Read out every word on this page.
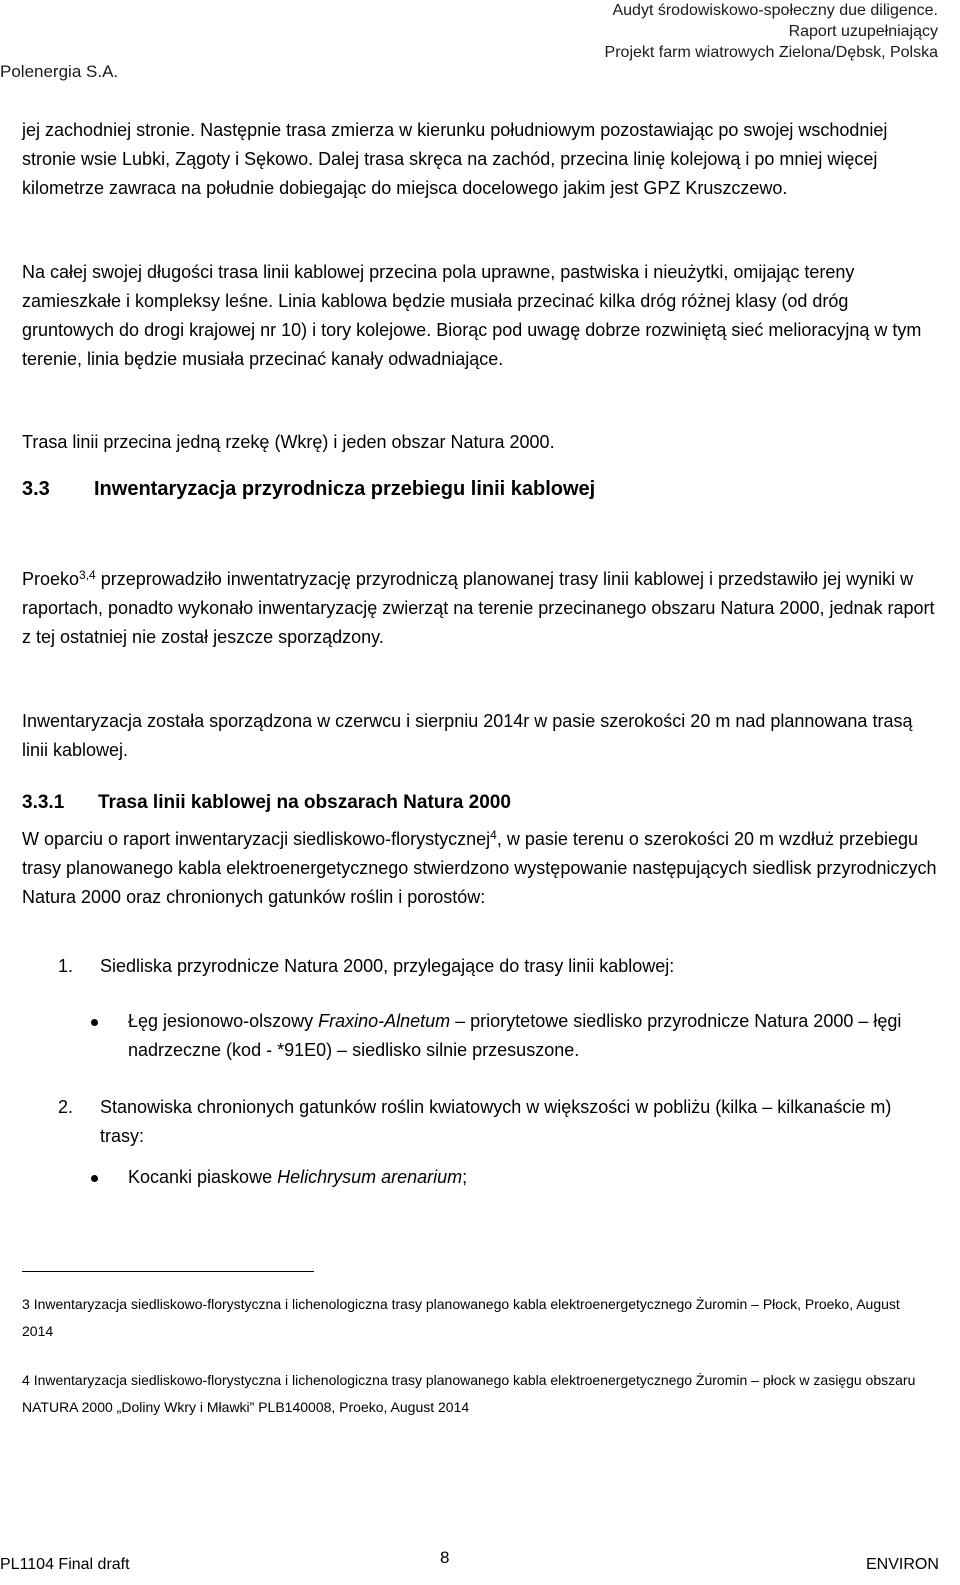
Polenergia S.A.
Audyt środowiskowo-społeczny due diligence.
Raport uzupełniający
Projekt farm wiatrowych Zielona/Dębsk, Polska
jej zachodniej stronie. Następnie trasa zmierza w kierunku południowym pozostawiając po swojej wschodniej stronie wsie Lubki, Zągoty i Sękowo. Dalej trasa skręca na zachód, przecina linię kolejową i po mniej więcej kilometrze zawraca na południe dobiegając do miejsca docelowego jakim jest GPZ Kruszczewo.
Na całej swojej długości trasa linii kablowej przecina pola uprawne, pastwiska i nieużytki, omijając tereny zamieszkałe i kompleksy leśne. Linia kablowa będzie musiała przecinać kilka dróg różnej klasy (od dróg gruntowych do drogi krajowej nr 10) i tory kolejowe. Biorąc pod uwagę dobrze rozwiniętą sieć melioracyjną w tym terenie, linia będzie musiała przecinać kanały odwadniające.
Trasa linii przecina jedną rzekę (Wkrę) i jeden obszar Natura 2000.
3.3 Inwentaryzacja przyrodnicza przebiegu linii kablowej
Proeko$^{3,4}$ przeprowadziło inwentatryzację przyrodniczą planowanej trasy linii kablowej i przedstawiło jej wyniki w raportach, ponadto wykonało inwentaryzację zwierząt na terenie przecinanego obszaru Natura 2000, jednak raport z tej ostatniej nie został jeszcze sporządzony.
Inwentaryzacja została sporządzona w czerwcu i sierpniu 2014r w pasie szerokości 20 m nad plannowana trasą linii kablowej.
3.3.1 Trasa linii kablowej na obszarach Natura 2000
W oparciu o raport inwentaryzacji siedliskowo-florystycznej$^4$, w pasie terenu o szerokości 20 m wzdłuż przebiegu trasy planowanego kabla elektroenergetycznego stwierdzono występowanie następujących siedlisk przyrodniczych Natura 2000 oraz chronionych gatunków roślin i porostów:
1. Siedliska przyrodnicze Natura 2000, przylegające do trasy linii kablowej:
Łęg jesionowo-olszowy Fraxino-Alnetum – priorytetowe siedlisko przyrodnicze Natura 2000 – łęgi nadrzeczne (kod - *91E0) – siedlisko silnie przesuszone.
2. Stanowiska chronionych gatunków roślin kwiatowych w większości w pobliżu (kilka – kilkanaście m) trasy:
Kocanki piaskowe Helichrysum arenarium;
3 Inwentaryzacja siedliskowo-florystyczna i lichenologiczna trasy planowanego kabla elektroenergetycznego Żuromin – Płock, Proeko, August 2014
4 Inwentaryzacja siedliskowo-florystyczna i lichenologiczna trasy planowanego kabla elektroenergetycznego Żuromin – płock w zasięgu obszaru NATURA 2000 „Doliny Wkry i Mławki” PLB140008, Proeko, August 2014
PL1104 Final draft	8	ENVIRON
